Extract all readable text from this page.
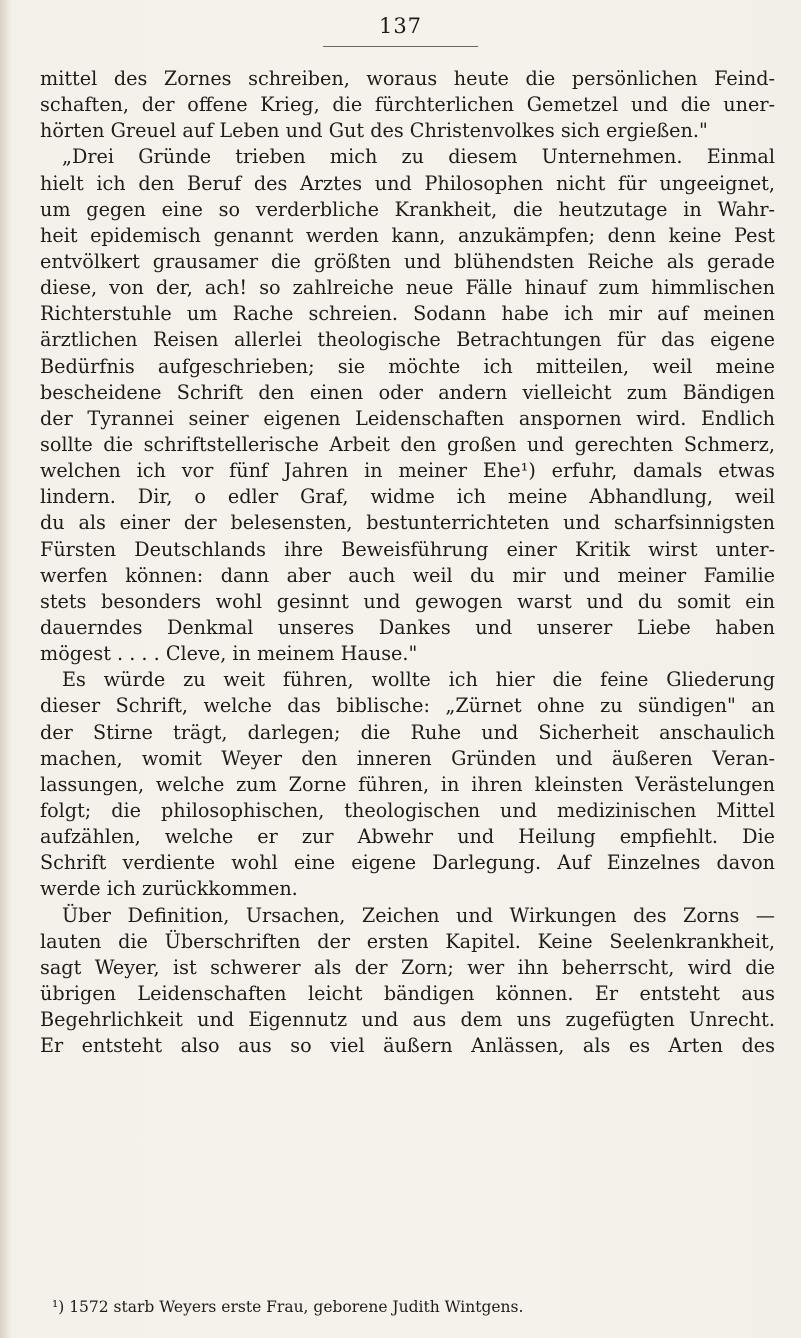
137
mittel des Zornes schreiben, woraus heute die persönlichen Feind-
schaften, der offene Krieg, die fürchterlichen Gemetzel und die uner-
hörten Greuel auf Leben und Gut des Christenvolkes sich ergießen."
„Drei Gründe trieben mich zu diesem Unternehmen. Einmal
hielt ich den Beruf des Arztes und Philosophen nicht für ungeeignet,
um gegen eine so verderbliche Krankheit, die heutzutage in Wahr-
heit epidemisch genannt werden kann, anzukämpfen; denn keine Pest
entvölkert grausamer die größten und blühendsten Reiche als gerade
diese, von der, ach! so zahlreiche neue Fälle hinauf zum himmlischen
Richterstuhle um Rache schreien. Sodann habe ich mir auf meinen
ärztlichen Reisen allerlei theologische Betrachtungen für das eigene
Bedürfnis aufgeschrieben; sie möchte ich mitteilen, weil meine
bescheidene Schrift den einen oder andern vielleicht zum Bändigen
der Tyrannei seiner eigenen Leidenschaften anspornen wird. Endlich
sollte die schriftstellerische Arbeit den großen und gerechten Schmerz,
welchen ich vor fünf Jahren in meiner Ehe¹) erfuhr, damals etwas
lindern. Dir, o edler Graf, widme ich meine Abhandlung, weil
du als einer der belesensten, bestunterrichteten und scharfsinnigsten
Fürsten Deutschlands ihre Beweisführung einer Kritik wirst unter-
werfen können: dann aber auch weil du mir und meiner Familie
stets besonders wohl gesinnt und gewogen warst und du somit ein
dauerndes Denkmal unseres Dankes und unserer Liebe haben
mögest . . . . Cleve, in meinem Hause."
Es würde zu weit führen, wollte ich hier die feine Gliederung
dieser Schrift, welche das biblische: „Zürnet ohne zu sündigen" an
der Stirne trägt, darlegen; die Ruhe und Sicherheit anschaulich
machen, womit Weyer den inneren Gründen und äußeren Veran-
lassungen, welche zum Zorne führen, in ihren kleinsten Verästelungen
folgt; die philosophischen, theologischen und medizinischen Mittel
aufzählen, welche er zur Abwehr und Heilung empfiehlt. Die
Schrift verdiente wohl eine eigene Darlegung. Auf Einzelnes davon
werde ich zurückkommen.
Über Definition, Ursachen, Zeichen und Wirkungen des Zorns —
lauten die Überschriften der ersten Kapitel. Keine Seelenkrankheit,
sagt Weyer, ist schwerer als der Zorn; wer ihn beherrscht, wird die
übrigen Leidenschaften leicht bändigen können. Er entsteht aus
Begehrlichkeit und Eigennutz und aus dem uns zugefügten Unrecht.
Er entsteht also aus so viel äußern Anlässen, als es Arten des
¹) 1572 starb Weyers erste Frau, geborene Judith Wintgens.
